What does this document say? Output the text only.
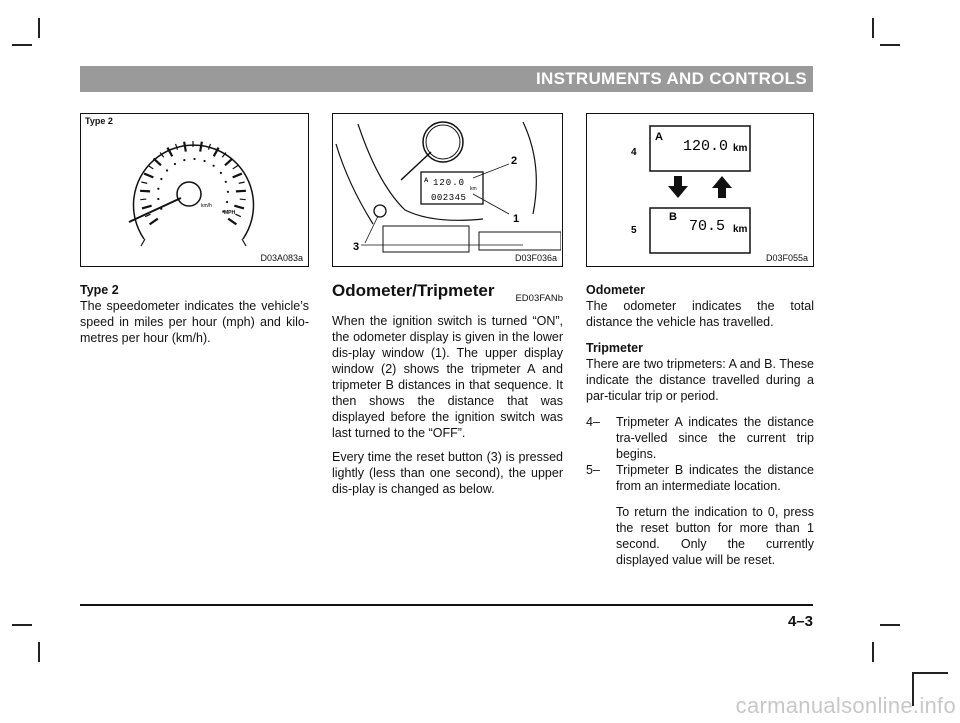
INSTRUMENTS AND CONTROLS
Type 2
km/h
MPH
D03A083a
A 120.0
km
002345
2
1
3
D03F036a
4
A
120.0 km
5
B
70.5 km
D03F055a

Type 2

The speedometer indicates the vehicle’s speed in miles per hour (mph) and kilo-metres per hour (km/h).

Odometer/Tripmeter ED03FANb

When the ignition switch is turned “ON”, the odometer display is given in the lower dis-play window (1). The upper display window (2) shows the tripmeter A and tripmeter B distances in that sequence. It then shows the distance that was displayed before the ignition switch was last turned to the “OFF”.

Every time the reset button (3) is pressed lightly (less than one second), the upper dis-play is changed as below.

Odometer

The odometer indicates the total distance the vehicle has travelled.

Tripmeter

There are two tripmeters: A and B. These indicate the distance travelled during a par-ticular trip or period.

4–	Tripmeter A indicates the distance tra-velled since the current trip begins.
5–	Tripmeter B indicates the distance from an intermediate location.

To return the indication to 0, press the reset button for more than 1 second. Only the currently displayed value will be reset.

4–3
carmanualsonline.info
